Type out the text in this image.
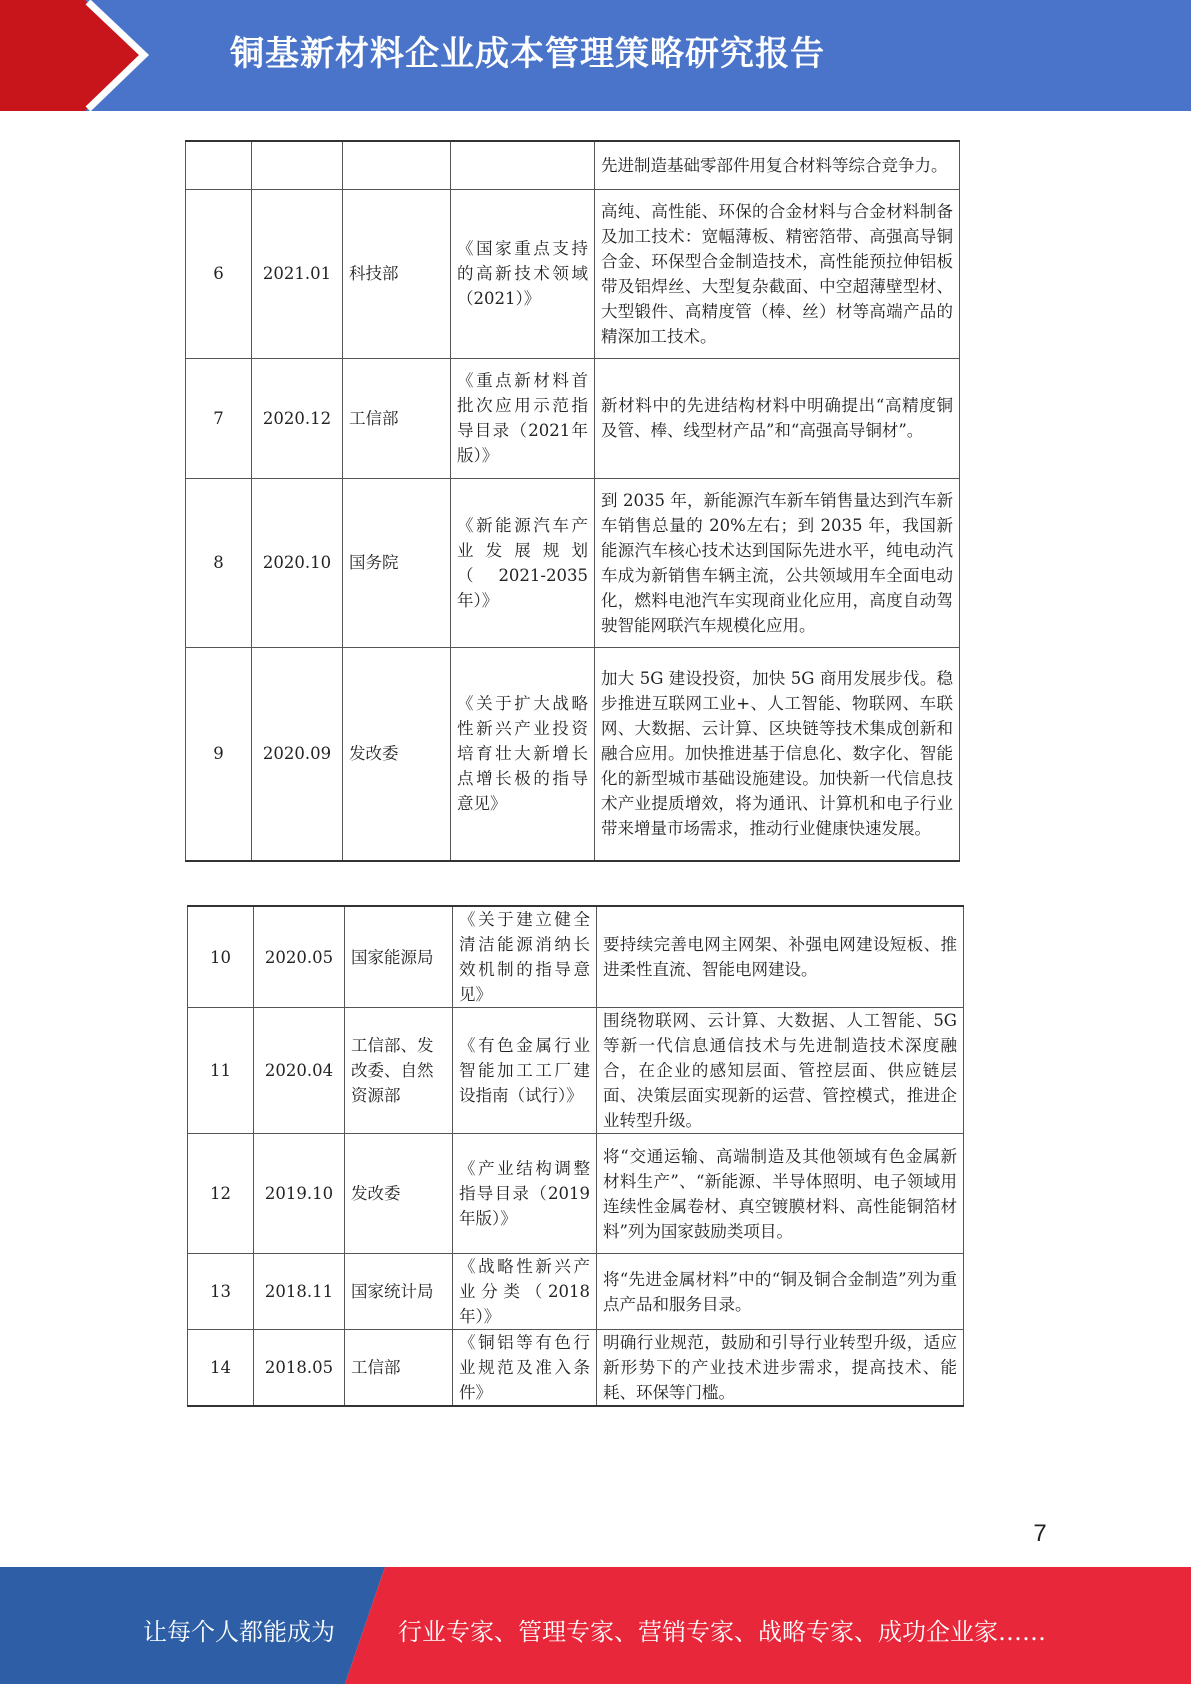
铜基新材料企业成本管理策略研究报告
				先进制造基础零部件用复合材料等综合竞争力。
6	2021.01	科技部	《国家重点支持的高新技术领域（2021）》	高纯、高性能、环保的合金材料与合金材料制备及加工技术：宽幅薄板、精密箔带、高强高导铜合金、环保型合金制造技术，高性能预拉伸铝板带及铝焊丝、大型复杂截面、中空超薄壁型材、大型锻件、高精度管（棒、丝）材等高端产品的精深加工技术。
7	2020.12	工信部	《重点新材料首批次应用示范指导目录（2021年版）》	新材料中的先进结构材料中明确提出“高精度铜及管、棒、线型材产品”和“高强高导铜材”。
8	2020.10	国务院	《新能源汽车产业发展规划（2021-2035年）》	到 2035 年，新能源汽车新车销售量达到汽车新车销售总量的 20%左右；到 2035 年，我国新能源汽车核心技术达到国际先进水平，纯电动汽车成为新销售车辆主流，公共领域用车全面电动化，燃料电池汽车实现商业化应用，高度自动驾驶智能网联汽车规模化应用。
9	2020.09	发改委	《关于扩大战略性新兴产业投资培育壮大新增长点增长极的指导意见》	加大 5G 建设投资，加快 5G 商用发展步伐。稳步推进互联网工业+、人工智能、物联网、车联网、大数据、云计算、区块链等技术集成创新和融合应用。加快推进基于信息化、数字化、智能化的新型城市基础设施建设。加快新一代信息技术产业提质增效，将为通讯、计算机和电子行业带来增量市场需求，推动行业健康快速发展。
10	2020.05	国家能源局	《关于建立健全清洁能源消纳长效机制的指导意见》	要持续完善电网主网架、补强电网建设短板、推进柔性直流、智能电网建设。
11	2020.04	工信部、发改委、自然资源部	《有色金属行业智能加工工厂建设指南（试行）》	围绕物联网、云计算、大数据、人工智能、5G 等新一代信息通信技术与先进制造技术深度融合，在企业的感知层面、管控层面、供应链层面、决策层面实现新的运营、管控模式，推进企业转型升级。
12	2019.10	发改委	《产业结构调整指导目录（2019年版）》	将“交通运输、高端制造及其他领域有色金属新材料生产”、“新能源、半导体照明、电子领域用连续性金属卷材、真空镀膜材料、高性能铜箔材料”列为国家鼓励类项目。
13	2018.11	国家统计局	《战略性新兴产业分类（2018年）》	将“先进金属材料”中的“铜及铜合金制造”列为重点产品和服务目录。
14	2018.05	工信部	《铜铝等有色行业规范及准入条件》	明确行业规范，鼓励和引导行业转型升级，适应新形势下的产业技术进步需求，提高技术、能耗、环保等门槛。
7
让每个人都能成为	行业专家、管理专家、营销专家、战略专家、成功企业家……
